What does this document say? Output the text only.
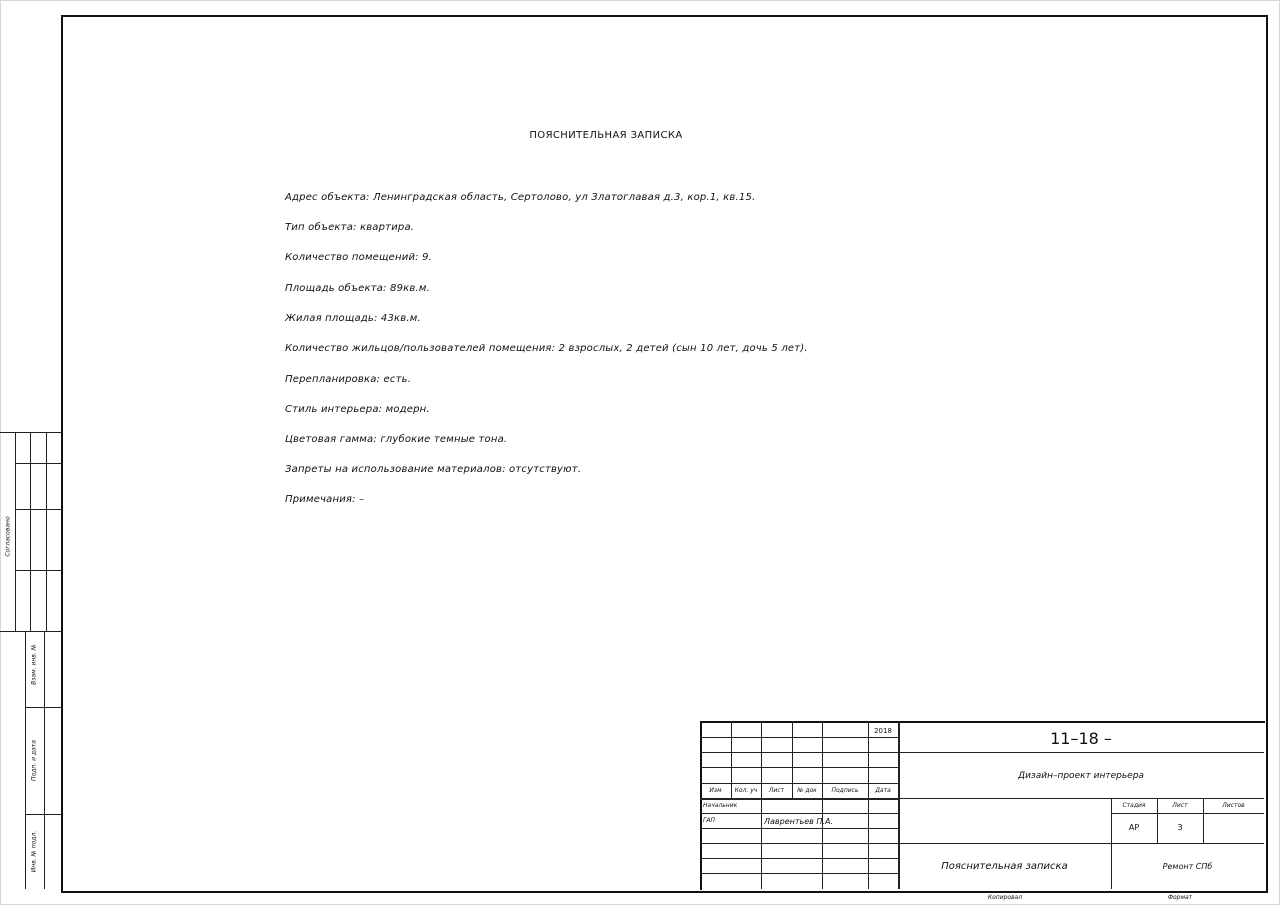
ПОЯСНИТЕЛЬНАЯ ЗАПИСКА
Адрес объекта: Ленинградская область, Сертолово, ул Златоглавая д.3, кор.1, кв.15.
Тип объекта: квартира.
Количество помещений: 9.
Площадь объекта: 89кв.м.
Жилая площадь: 43кв.м.
Количество жильцов/пользователей помещения: 2 взрослых, 2 детей (сын 10 лет, дочь 5 лет).
Перепланировка: есть.
Стиль интерьера: модерн.
Цветовая гамма: глубокие темные тона.
Запреты на использование материалов: отсутствуют.
Примечания: –
Согласовано
Взам. инв. №
Подп. и дата
Инв. № подл.
2018	11–18 –
Дизайн–проект интерьера
Изм	Кол. уч	Лист	№ док	Подпись	Дата
Начальник
ГАП	Лаврентьев П.А.
Стадия	Лист	Листов
АР	3
Пояснительная записка	Ремонт СПб
Копировал	Формат
